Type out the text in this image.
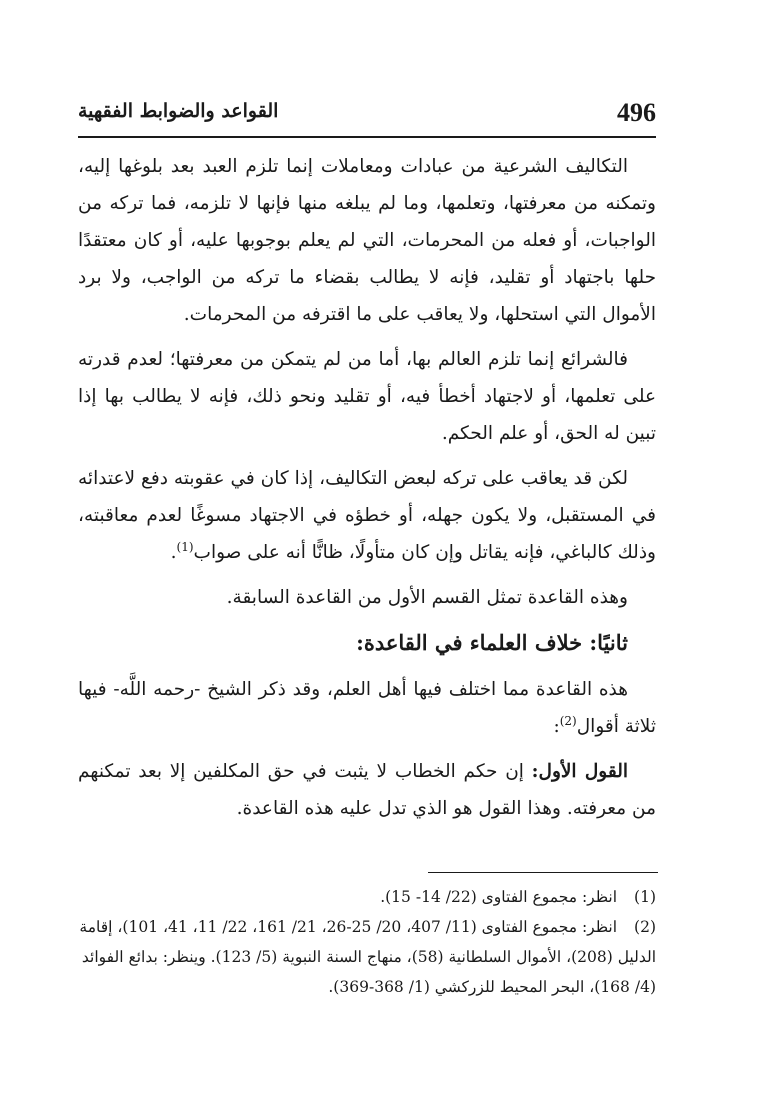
496
القواعد والضوابط الفقهية

التكاليف الشرعية من عبادات ومعاملات إنما تلزم العبد بعد بلوغها إليه، وتمكنه من معرفتها، وتعلمها، وما لم يبلغه منها فإنها لا تلزمه، فما تركه من الواجبات، أو فعله من المحرمات، التي لم يعلم بوجوبها عليه، أو كان معتقدًا حلها باجتهاد أو تقليد، فإنه لا يطالب بقضاء ما تركه من الواجب، ولا برد الأموال التي استحلها، ولا يعاقب على ما اقترفه من المحرمات.

فالشرائع إنما تلزم العالم بها، أما من لم يتمكن من معرفتها؛ لعدم قدرته على تعلمها، أو لاجتهاد أخطأ فيه، أو تقليد ونحو ذلك، فإنه لا يطالب بها إذا تبين له الحق، أو علم الحكم.

لكن قد يعاقب على تركه لبعض التكاليف، إذا كان في عقوبته دفع لاعتدائه في المستقبل، ولا يكون جهله، أو خطؤه في الاجتهاد مسوغًا لعدم معاقبته، وذلك كالباغي، فإنه يقاتل وإن كان متأولًا، ظانًّا أنه على صواب$^{(1)}$.

وهذه القاعدة تمثل القسم الأول من القاعدة السابقة.

ثانيًا: خلاف العلماء في القاعدة:

هذه القاعدة مما اختلف فيها أهل العلم، وقد ذكر الشيخ -رحمه اللَّه- فيها ثلاثة أقوال$^{(2)}$:

القول الأول: إن حكم الخطاب لا يثبت في حق المكلفين إلا بعد تمكنهم من معرفته. وهذا القول هو الذي تدل عليه هذه القاعدة.

(1) انظر: مجموع الفتاوى (22/ 14- 15).

(2) انظر: مجموع الفتاوى (11/ 407، 20/ 25-26، 21/ 161، 22/ 11، 41، 101)، إقامة الدليل (208)، الأموال السلطانية (58)، منهاج السنة النبوية (5/ 123). وينظر: بدائع الفوائد (4/ 168)، البحر المحيط للزركشي (1/ 368-369).
